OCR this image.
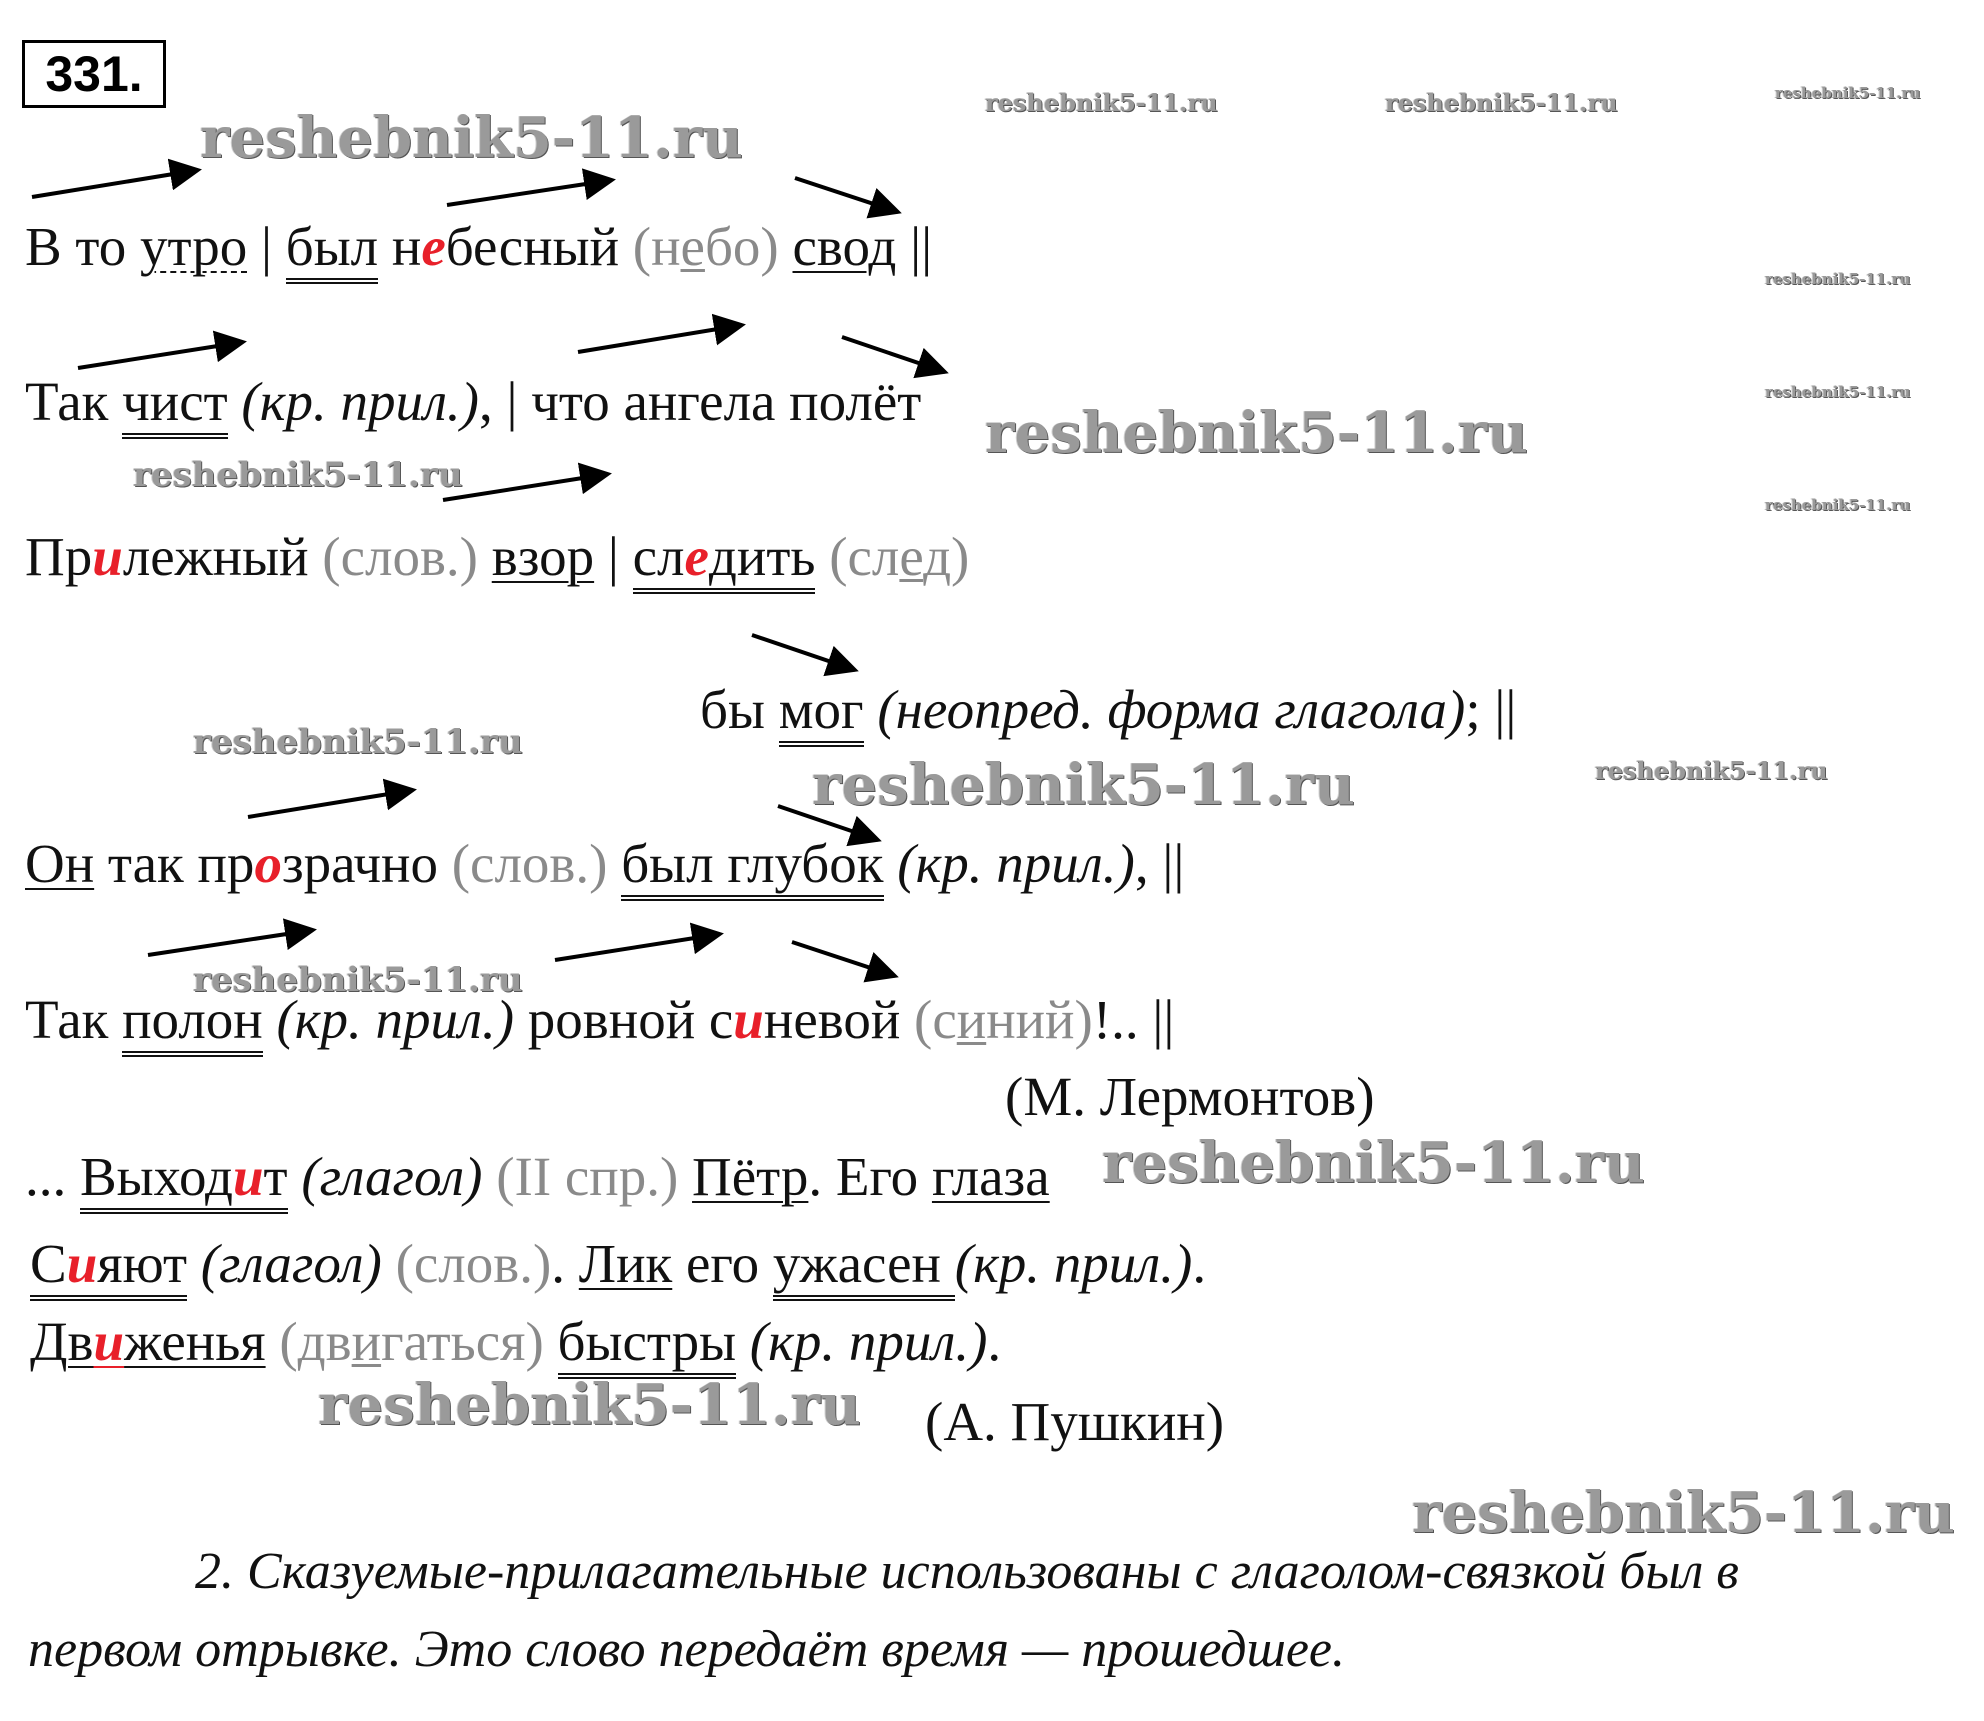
331.
reshebnik5-11.ru
reshebnik5-11.ru	reshebnik5-11.ru	reshebnik5-11.ru
reshebnik5-11.ru
reshebnik5-11.ru
reshebnik5-11.ru
reshebnik5-11.ru
reshebnik5-11.ru
reshebnik5-11.ru
reshebnik5-11.ru	reshebnik5-11.ru
reshebnik5-11.ru
reshebnik5-11.ru
reshebnik5-11.ru
reshebnik5-11.ru
В то утро | был небесный (небо) свод ||
Так чист (кр. прил.), | что ангела полёт
Прилежный (слов.) взор | следить (след)
бы мог (неопред. форма глагола); ||
Он так прозрачно (слов.) был глубок (кр. прил.), ||
Так полон (кр. прил.) ровной синевой (синий)!.. ||
(М. Лермонтов)
... Выходит (глагол) (II спр.) Пётр. Его глаза
Сияют (глагол) (слов.). Лик его ужасен (кр. прил.).
Движенья (двигаться) быстры (кр. прил.).
(А. Пушкин)
2. Сказуемые-прилагательные использованы с глаголом-связкой был в
первом отрывке. Это слово передаёт время — прошедшее.
